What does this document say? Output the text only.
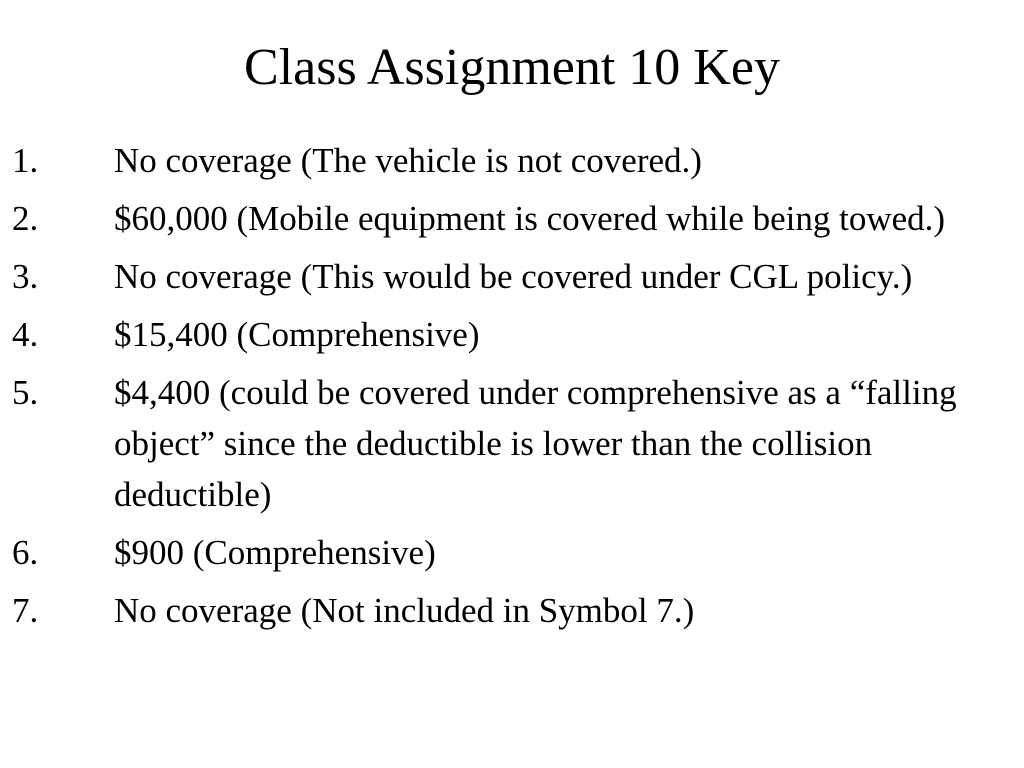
Class Assignment 10 Key
1. No coverage (The vehicle is not covered.)
2. $60,000 (Mobile equipment is covered while being towed.)
3. No coverage (This would be covered under CGL policy.)
4. $15,400 (Comprehensive)
5. $4,400 (could be covered under comprehensive as a “falling object” since the deductible is lower than the collision deductible)
6. $900 (Comprehensive)
7. No coverage (Not included in Symbol 7.)
